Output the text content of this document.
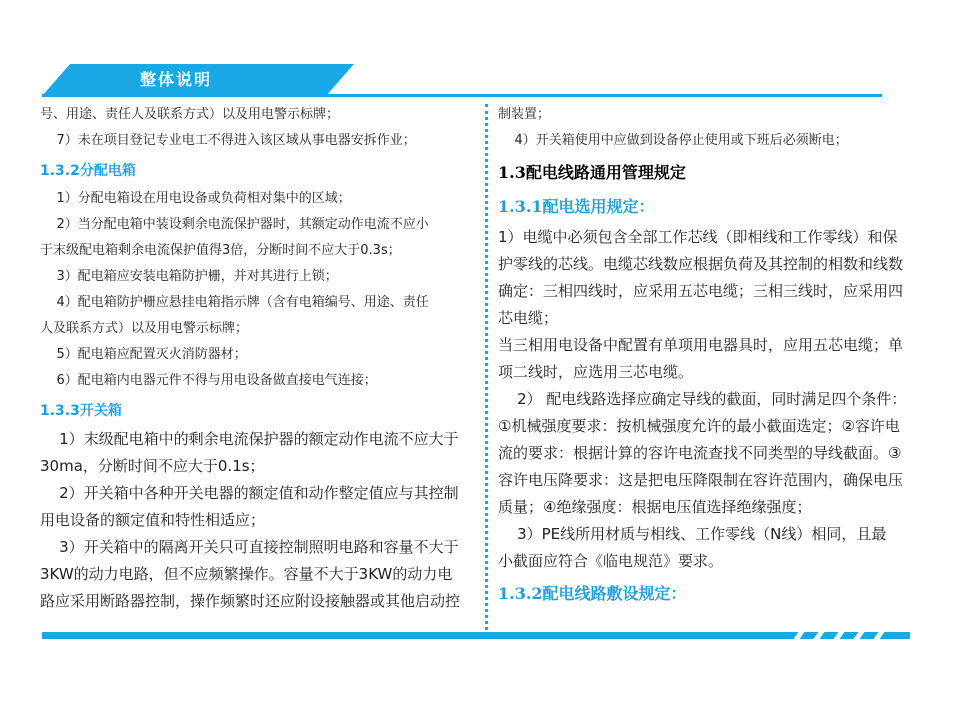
整体说明

号、用途、责任人及联系方式）以及用电警示标牌；

7）未在项目登记专业电工不得进入该区域从事电器安拆作业；

1.3.2分配电箱

1）分配电箱设在用电设备或负荷相对集中的区域；

2）当分配电箱中装设剩余电流保护器时，其额定动作电流不应小

于末级配电箱剩余电流保护值得3倍，分断时间不应大于0.3s；

3）配电箱应安装电箱防护栅，并对其进行上锁；

4）配电箱防护栅应悬挂电箱指示牌（含有电箱编号、用途、责任

人及联系方式）以及用电警示标牌；

5）配电箱应配置灭火消防器材；

6）配电箱内电器元件不得与用电设备做直接电气连接；

1.3.3开关箱

1）末级配电箱中的剩余电流保护器的额定动作电流不应大于

30ma，分断时间不应大于0.1s；

2）开关箱中各种开关电器的额定值和动作整定值应与其控制

用电设备的额定值和特性相适应；

3）开关箱中的隔离开关只可直接控制照明电路和容量不大于

3KW的动力电路，但不应频繁操作。容量不大于3KW的动力电

路应采用断路器控制，操作频繁时还应附设接触器或其他启动控

制装置；

4）开关箱使用中应做到设备停止使用或下班后必须断电；

1.3配电线路通用管理规定

1.3.1配电选用规定：

1）电缆中必须包含全部工作芯线（即相线和工作零线）和保

护零线的芯线。电缆芯线数应根据负荷及其控制的相数和线数

确定：三相四线时，应采用五芯电缆；三相三线时，应采用四

芯电缆；

当三相用电设备中配置有单项用电器具时，应用五芯电缆；单

项二线时，应选用三芯电缆。

2） 配电线路选择应确定导线的截面，同时满足四个条件：

①机械强度要求：按机械强度允许的最小截面选定；②容许电

流的要求：根据计算的容许电流查找不同类型的导线截面。③

容许电压降要求：这是把电压降限制在容许范围内，确保电压

质量；④绝缘强度：根据电压值选择绝缘强度；

3）PE线所用材质与相线、工作零线（N线）相同，且最

小截面应符合《临电规范》要求。

1.3.2配电线路敷设规定：
